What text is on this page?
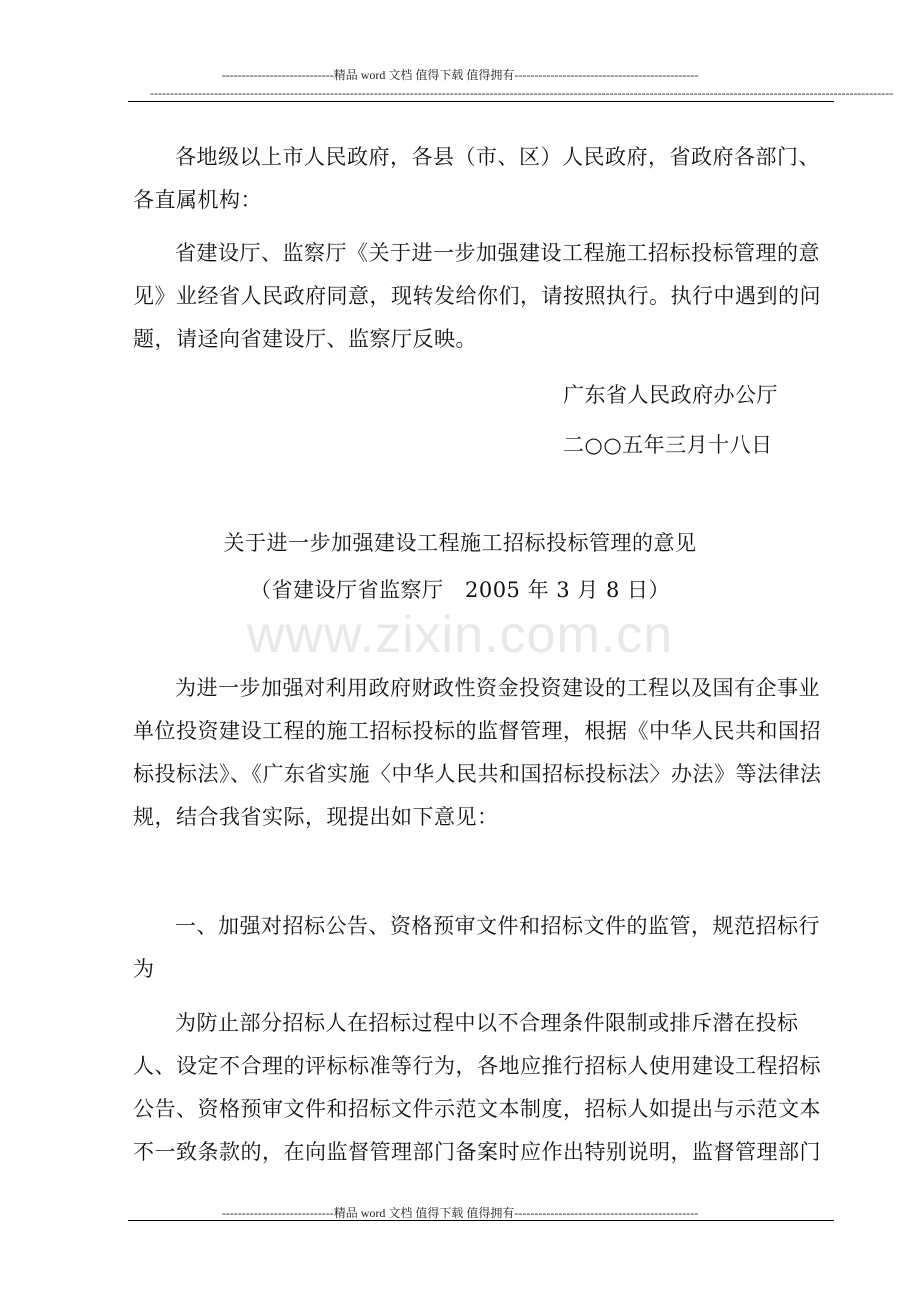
----------------------------精品 word 文档 值得下载 值得拥有----------------------------------------------
------------------------------------------------------------------------------------------------------------------------------------------------------------------------------------------

各地级以上市人民政府，各县（市、区）人民政府，省政府各部门、各直属机构：

省建设厅、监察厅《关于进一步加强建设工程施工招标投标管理的意见》业经省人民政府同意，现转发给你们，请按照执行。执行中遇到的问题，请迳向省建设厅、监察厅反映。

广东省人民政府办公厅
二○○五年三月十八日
关于进一步加强建设工程施工招标投标管理的意见
（省建设厅省监察厅　2005 年 3 月 8 日）
www.zixin.com.cn

为进一步加强对利用政府财政性资金投资建设的工程以及国有企事业单位投资建设工程的施工招标投标的监督管理，根据《中华人民共和国招标投标法》、《广东省实施〈中华人民共和国招标投标法〉办法》等法律法规，结合我省实际，现提出如下意见：

一、加强对招标公告、资格预审文件和招标文件的监管，规范招标行为

为防止部分招标人在招标过程中以不合理条件限制或排斥潜在投标人、设定不合理的评标标准等行为，各地应推行招标人使用建设工程招标公告、资格预审文件和招标文件示范文本制度，招标人如提出与示范文本不一致条款的，在向监督管理部门备案时应作出特别说明，监督管理部门

----------------------------精品 word 文档 值得下载 值得拥有----------------------------------------------
